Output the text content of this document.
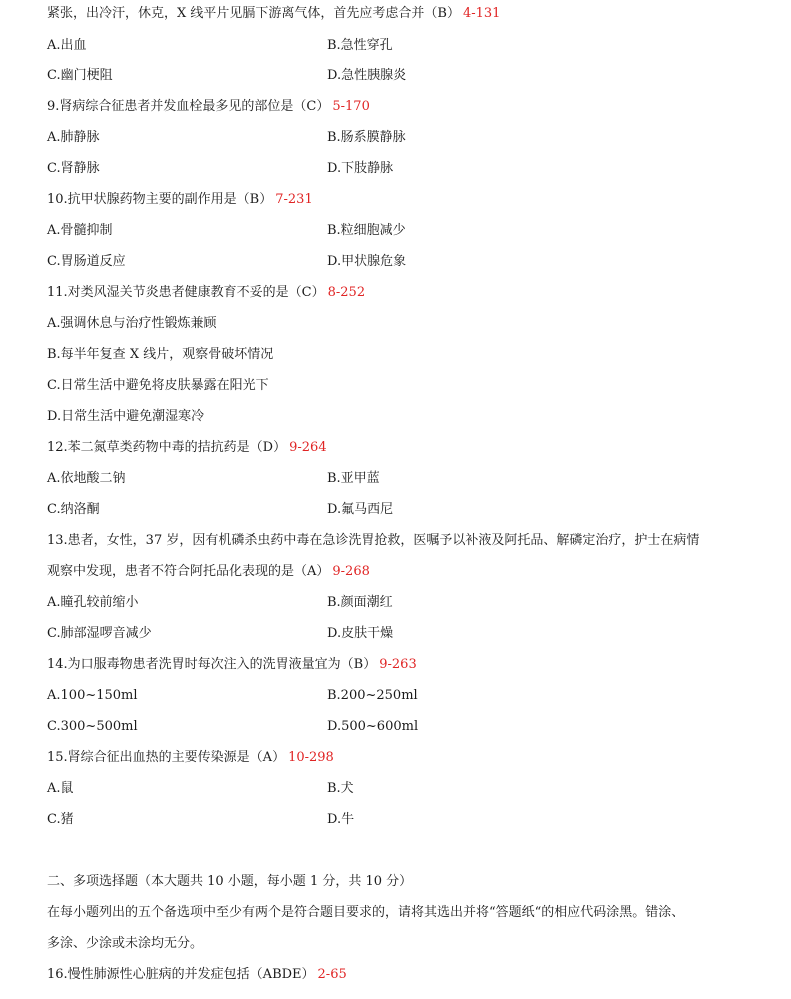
紧张，出冷汗，休克，X 线平片见膈下游离气体，首先应考虑合并（B） 4-131
A.出血	B.急性穿孔
C.幽门梗阻	D.急性胰腺炎
9.肾病综合征患者并发血栓最多见的部位是（C） 5-170
A.肺静脉	B.肠系膜静脉
C.肾静脉	D.下肢静脉
10.抗甲状腺药物主要的副作用是（B） 7-231
A.骨髓抑制	B.粒细胞减少
C.胃肠道反应	D.甲状腺危象
11.对类风湿关节炎患者健康教育不妥的是（C） 8-252
A.强调休息与治疗性锻炼兼顾
B.每半年复查 X 线片，观察骨破坏情况
C.日常生活中避免将皮肤暴露在阳光下
D.日常生活中避免潮湿寒冷
12.苯二氮草类药物中毒的拮抗药是（D） 9-264
A.依地酸二钠	B.亚甲蓝
C.纳洛酮	D.氟马西尼
13.患者，女性，37 岁，因有机磷杀虫药中毒在急诊洗胃抢救，医嘱予以补液及阿托品、解磷定治疗，护士在病情
观察中发现，患者不符合阿托品化表现的是（A） 9-268
A.瞳孔较前缩小	B.颜面潮红
C.肺部湿啰音减少	D.皮肤干燥
14.为口服毒物患者洗胃时每次注入的洗胃液量宜为（B） 9-263
A.100~150ml	B.200~250ml
C.300~500ml	D.500~600ml
15.肾综合征出血热的主要传染源是（A） 10-298
A.鼠	B.犬
C.猪	D.牛
二、多项选择题（本大题共 10 小题，每小题 1 分，共 10 分）
在每小题列出的五个备选项中至少有两个是符合题目要求的，请将其选出并将“答题纸“的相应代码涂黑。错涂、
多涂、少涂或未涂均无分。
16.慢性肺源性心脏病的并发症包括（ABDE） 2-65
